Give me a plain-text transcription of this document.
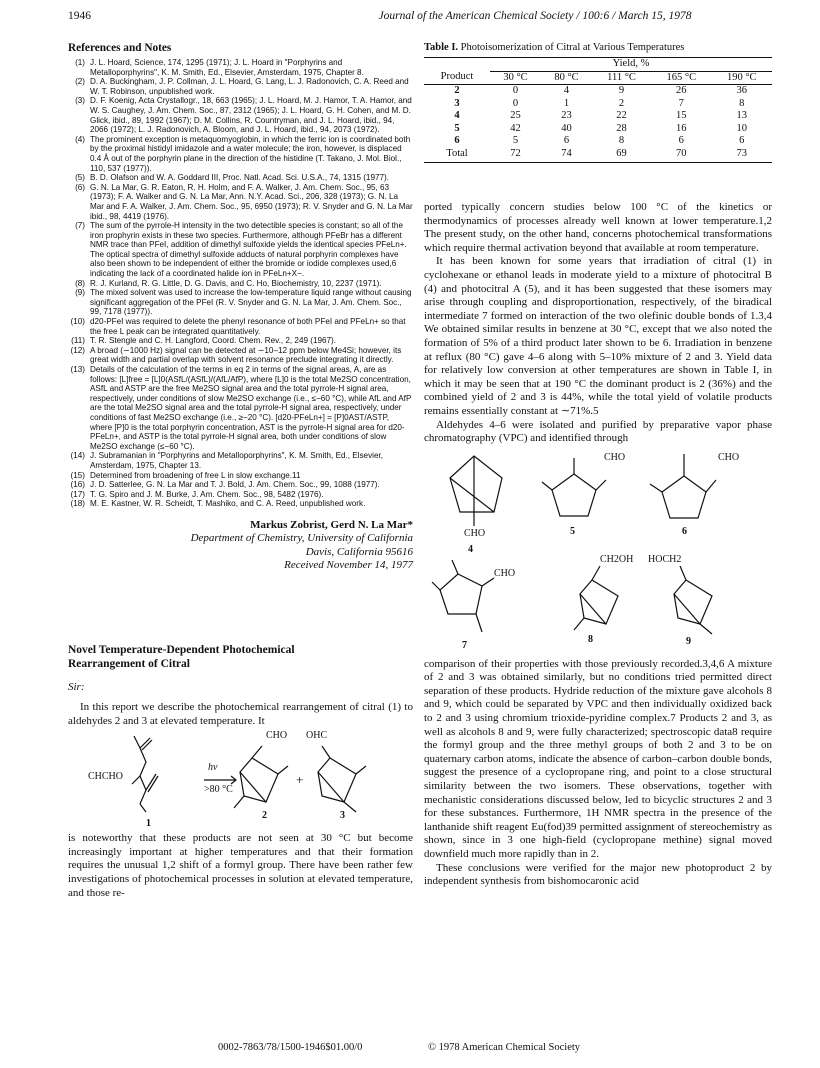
1946	Journal of the American Chemical Society / 100:6 / March 15, 1978
References and Notes
(1) J. L. Hoard, Science, 174, 1295 (1971); J. L. Hoard in "Porphyrins and Metalloporphyrins", K. M. Smith, Ed., Elsevier, Amsterdam, 1975, Chapter 8.
(2) D. A. Buckingham, J. P. Collman, J. L. Hoard, G. Lang, L. J. Radonovich, C. A. Reed and W. T. Robinson, unpublished work.
(3) D. F. Koenig, Acta Crystallogr., 18, 663 (1965); J. L. Hoard, M. J. Hamor, T. A. Hamor, and W. S. Caughey, J. Am. Chem. Soc., 87, 2312 (1965); J. L. Hoard, G. H. Cohen, and M. D. Glick, ibid., 89, 1992 (1967); D. M. Collins, R. Countryman, and J. L. Hoard, ibid., 94, 2066 (1972); L. J. Radonovich, A. Bloom, and J. L. Hoard, ibid., 94, 2073 (1972).
(4) The prominent exception is metaquomyoglobin, in which the ferric ion is coordinated both by the proximal histidyl imidazole and a water molecule; the iron, however, is displaced 0.4 Å out of the porphyrin plane in the direction of the histidine (T. Takano, J. Mol. Biol., 110, 537 (1977)).
(5) B. D. Olafson and W. A. Goddard III, Proc. Natl. Acad. Sci. U.S.A., 74, 1315 (1977).
(6) G. N. La Mar, G. R. Eaton, R. H. Holm, and F. A. Walker, J. Am. Chem. Soc., 95, 63 (1973); F. A. Walker and G. N. La Mar, Ann. N.Y. Acad. Sci., 206, 328 (1973); G. N. La Mar and F. A. Walker, J. Am. Chem. Soc., 95, 6950 (1973); R. V. Snyder and G. N. La Mar ibid., 98, 4419 (1976).
(7) The sum of the pyrrole-H intensity in the two detectible species is constant; so all of the iron prophyrin exists in these two species. Furthermore, although PFeBr has a different NMR trace than PFeI, addition of dimethyl sulfoxide yields the identical species PFeLn+. The optical spectra of dimethyl sulfoxide adducts of natural porphyrin complexes have also been shown to be independent of either the bromide or iodide complexes used,6 indicating the lack of a coordinated halide ion in PFeLn+X−.
(8) R. J. Kurland, R. G. Little, D. G. Davis, and C. Ho, Biochemistry, 10, 2237 (1971).
(9) The mixed solvent was used to increase the low-temperature liquid range without causing significant aggregation of the PFeI (R. V. Snyder and G. N. La Mar, J. Am. Chem. Soc., 99, 7178 (1977)).
(10) d20-PFeI was required to delete the phenyl resonance of both PFeI and PFeLn+ so that the free L peak can be integrated quantitatively.
(11) T. R. Stengle and C. H. Langford, Coord. Chem. Rev., 2, 249 (1967).
(12) A broad (∼1000 Hz) signal can be detected at ∼10–12 ppm below Me4Si; however, its great width and partial overlap with solvent resonance preclude integrating it directly.
(13) Details of the calculation of the terms in eq 2 in terms of the signal areas, A, are as follows: [L]free = [L]0(ASfL/(ASfL)/(AfL/AfP), where [L]0 is the total Me2SO concentration, ASfL and ASTP are the free Me2SO signal area and the total pyrrole-H signal area, respectively, under conditions of slow Me2SO exchange (i.e., ≤−60 °C), while AfL and AfP are the total Me2SO signal area and the total pyrrole-H signal area, respectively, under conditions of fast Me2SO exchange (i.e., ≥−20 °C). [d20-PFeLn+] = [P]0AST/ASTP, where [P]0 is the total porphyrin concentration, AST is the pyrrole-H signal area for d20-PFeLn+, and ASTP is the total pyrrole-H signal area, both under conditions of slow Me2SO exchange (≤−60 °C).
(14) J. Subramanian in "Porphyrins and Metalloporphyrins", K. M. Smith, Ed., Elsevier, Amsterdam, 1975, Chapter 13.
(15) Determined from broadening of free L in slow exchange.11
(16) J. D. Satterlee, G. N. La Mar and T. J. Bold, J. Am. Chem. Soc., 99, 1088 (1977).
(17) T. G. Spiro and J. M. Burke, J. Am. Chem. Soc., 98, 5482 (1976).
(18) M. E. Kastner, W. R. Scheidt, T. Mashiko, and C. A. Reed, unpublished work.
Markus Zobrist, Gerd N. La Mar*
Department of Chemistry, University of California
Davis, California 95616
Received November 14, 1977
Novel Temperature-Dependent Photochemical
Rearrangement of Citral
Sir:

In this report we describe the photochemical rearrangement of citral (1) to aldehydes 2 and 3 at elevated temperature. It

CHCHO
hν
>80 °C
CHO OHC
+
1
2	3

is noteworthy that these products are not seen at 30 °C but become increasingly important at higher temperatures and that their formation requires the unusual 1,2 shift of a formyl group. There have been rather few investigations of photochemical processes in solution at elevated temperature, and those re-

Table I. Photoisomerization of Citral at Various Temperatures
	Yield, %				
Product	30 °C	80 °C	111 °C	165 °C	190 °C
2	0	4	9	26	36
3	0	1	2	7	8
4	25	23	22	15	13
5	42	40	28	16	10
6	5	6	8	6	6
Total	72	74	69	70	73

ported typically concern studies below 100 °C of the kinetics or thermodynamics of processes already well known at lower temperature.1,2 The present study, on the other hand, concerns photochemical transformations which require thermal activation beyond that available at room temperature.

It has been known for some years that irradiation of citral (1) in cyclohexane or ethanol leads in moderate yield to a mixture of photocitral B (4) and photocitral A (5), and it has been suggested that these isomers may arise through coupling and disproportionation, respectively, of the biradical intermediate 7 formed on interaction of the two olefinic double bonds of 1.3,4 We obtained similar results in benzene at 30 °C, except that we also noted the formation of 5% of a third product later shown to be 6. Irradiation in benzene at reflux (80 °C) gave 4–6 along with 5–10% mixture of 2 and 3. Yield data for relatively low conversion at other temperatures are shown in Table I, in which it may be seen that at 190 °C the dominant product is 2 (36%) and the combined yield of 2 and 3 is 44%, while the total yield of volatile products remains essentially constant at ∼71%.5

Aldehydes 4–6 were isolated and purified by preparative vapor phase chromatography (VPC) and identified through

CHO	CHO
CHO
4
5	6
CHO
CH2OH HOCH2
7
8	9

comparison of their properties with those previously recorded.3,4,6 A mixture of 2 and 3 was obtained similarly, but no conditions tried permitted direct separation of these products. Hydride reduction of the mixture gave alcohols 8 and 9, which could be separated by VPC and then individually oxidized back to 2 and 3 using chromium trioxide-pyridine complex.7 Products 2 and 3, as well as alcohols 8 and 9, were fully characterized; spectroscopic data8 require the formyl group and the three methyl groups of both 2 and 3 to be on quaternary carbon atoms, indicate the absence of carbon–carbon double bonds, suggest the presence of a cyclopropane ring, and point to a close structural similarity between the two isomers. These observations, together with mechanistic considerations discussed below, led to bicyclic structures 2 and 3 for these substances. Furthermore, 1H NMR spectra in the presence of the lanthanide shift reagent Eu(fod)39 permitted assignment of stereochemistry as shown, since in 3 one high-field (cyclopropane methine) signal moved downfield much more rapidly than in 2.

These conclusions were verified for the major new photoproduct 2 by independent synthesis from bishomocaronic acid

0002-7863/78/1500-1946$01.00/0	© 1978 American Chemical Society
